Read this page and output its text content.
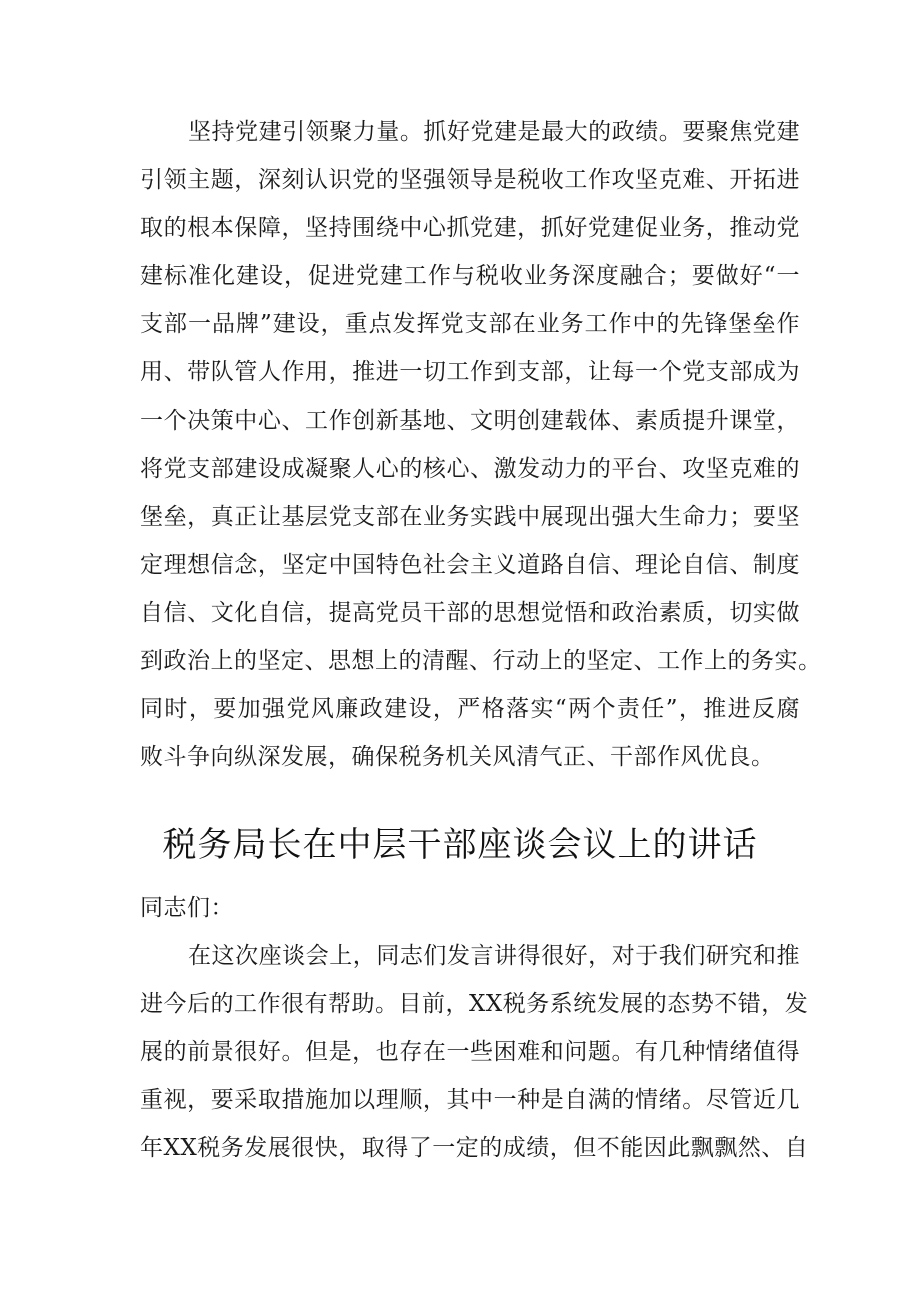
坚持党建引领聚力量。抓好党建是最大的政绩。要聚焦党建
引领主题，深刻认识党的坚强领导是税收工作攻坚克难、开拓进
取的根本保障，坚持围绕中心抓党建，抓好党建促业务，推动党
建标准化建设，促进党建工作与税收业务深度融合；要做好“一
支部一品牌”建设，重点发挥党支部在业务工作中的先锋堡垒作
用、带队管人作用，推进一切工作到支部，让每一个党支部成为
一个决策中心、工作创新基地、文明创建载体、素质提升课堂，
将党支部建设成凝聚人心的核心、激发动力的平台、攻坚克难的
堡垒，真正让基层党支部在业务实践中展现出强大生命力；要坚
定理想信念，坚定中国特色社会主义道路自信、理论自信、制度
自信、文化自信，提高党员干部的思想觉悟和政治素质，切实做
到政治上的坚定、思想上的清醒、行动上的坚定、工作上的务实。
同时，要加强党风廉政建设，严格落实“两个责任”，推进反腐
败斗争向纵深发展，确保税务机关风清气正、干部作风优良。
税务局长在中层干部座谈会议上的讲话
同志们：
在这次座谈会上，同志们发言讲得很好，对于我们研究和推
进今后的工作很有帮助。目前，XX税务系统发展的态势不错，发
展的前景很好。但是，也存在一些困难和问题。有几种情绪值得
重视，要采取措施加以理顺，其中一种是自满的情绪。尽管近几
年XX税务发展很快，取得了一定的成绩，但不能因此飘飘然、自
